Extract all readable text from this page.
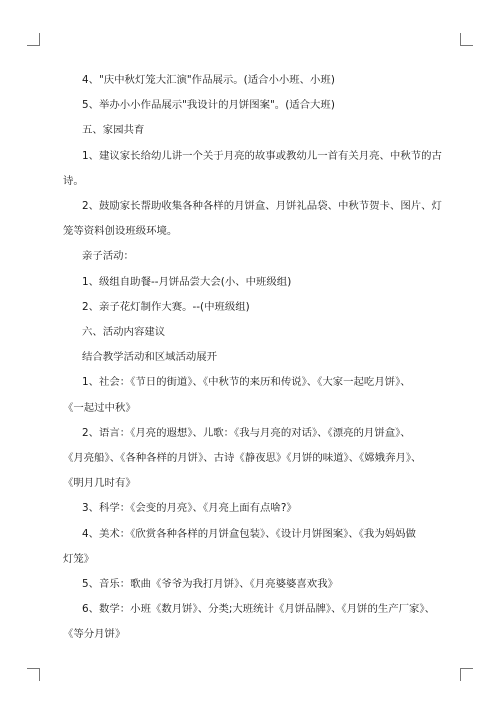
4、"庆中秋灯笼大汇演"作品展示。(适合小小班、小班)

5、举办小小作品展示"我设计的月饼图案"。(适合大班)

五、家园共育

1、建议家长给幼儿讲一个关于月亮的故事或教幼儿一首有关月亮、中秋节的古

诗。

2、鼓励家长帮助收集各种各样的月饼盒、月饼礼品袋、中秋节贺卡、图片、灯

笼等资料创设班级环境。

亲子活动：

1、级组自助餐--月饼品尝大会(小、中班级组)

2、亲子花灯制作大赛。--(中班级组)

六、活动内容建议

结合教学活动和区域活动展开

1、社会：《节日的街道》、《中秋节的来历和传说》、《大家一起吃月饼》、

《一起过中秋》

2、语言：《月亮的遐想》、儿歌：《我与月亮的对话》、《漂亮的月饼盒》、

《月亮船》、《各种各样的月饼》、古诗《静夜思》《月饼的味道》、《嫦娥奔月》、

《明月几时有》

3、科学：《会变的月亮》、《月亮上面有点啥?》

4、美术：《欣赏各种各样的月饼盒包装》、《设计月饼图案》、《我为妈妈做

灯笼》

5、音乐：歌曲《爷爷为我打月饼》、《月亮婆婆喜欢我》

6、数学：小班《数月饼》、分类;大班统计《月饼品牌》、《月饼的生产厂家》、

《等分月饼》
